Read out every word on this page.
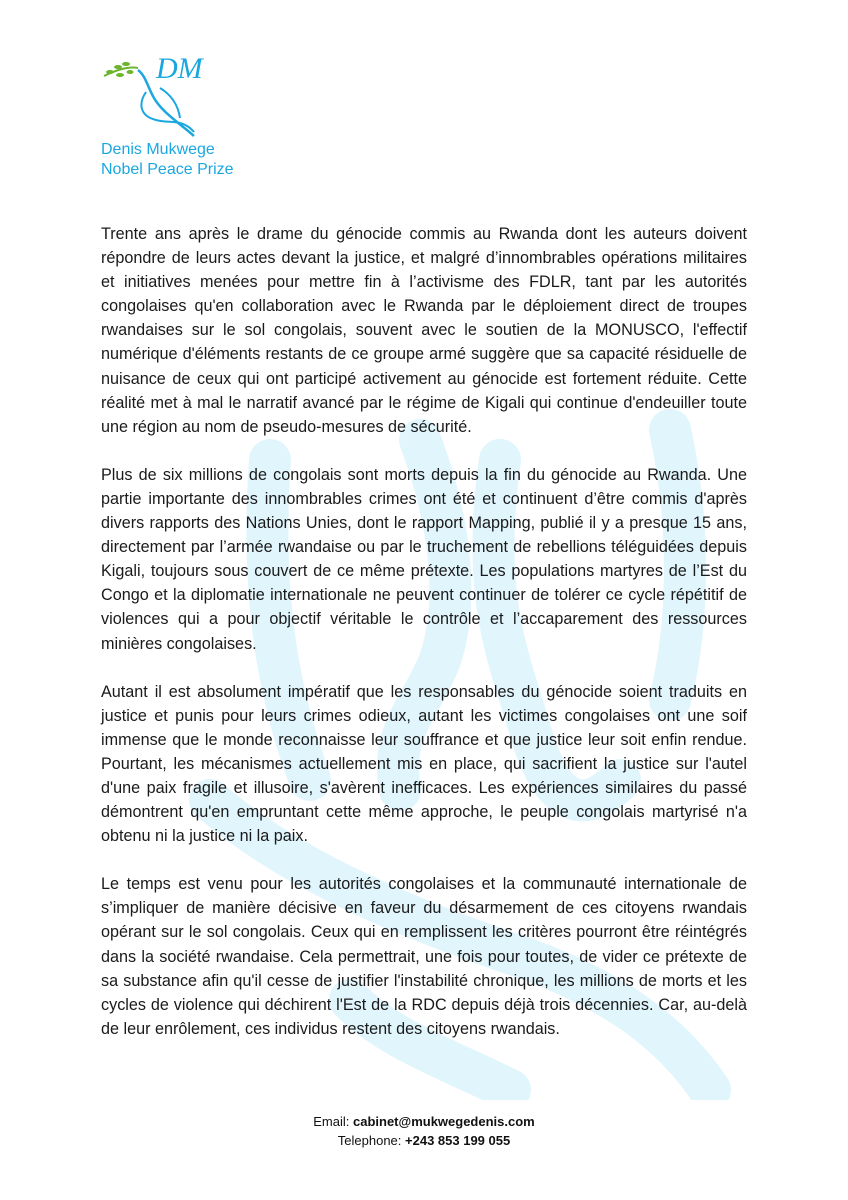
DM
Denis Mukwege
Nobel Peace Prize

Trente ans après le drame du génocide commis au Rwanda dont les auteurs doivent répondre de leurs actes devant la justice, et malgré d’innombrables opérations militaires et initiatives menées pour mettre fin à l’activisme des FDLR, tant par les autorités congolaises qu'en collaboration avec le Rwanda par le déploiement direct de troupes rwandaises sur le sol congolais, souvent avec le soutien de la MONUSCO, l'effectif numérique d'éléments restants de ce groupe armé suggère que sa capacité résiduelle de nuisance de ceux qui ont participé activement au génocide est fortement réduite. Cette réalité met à mal le narratif avancé par le régime de Kigali qui continue d'endeuiller toute une région au nom de pseudo-mesures de sécurité.

Plus de six millions de congolais sont morts depuis la fin du génocide au Rwanda. Une partie importante des innombrables crimes ont été et continuent d’être commis d'après divers rapports des Nations Unies, dont le rapport Mapping, publié il y a presque 15 ans, directement par l’armée rwandaise ou par le truchement de rebellions téléguidées depuis Kigali, toujours sous couvert de ce même prétexte. Les populations martyres de l’Est du Congo et la diplomatie internationale ne peuvent continuer de tolérer ce cycle répétitif de violences qui a pour objectif véritable le contrôle et l’accaparement des ressources minières congolaises.

Autant il est absolument impératif que les responsables du génocide soient traduits en justice et punis pour leurs crimes odieux, autant les victimes congolaises ont une soif immense que le monde reconnaisse leur souffrance et que justice leur soit enfin rendue. Pourtant, les mécanismes actuellement mis en place, qui sacrifient la justice sur l'autel d'une paix fragile et illusoire, s'avèrent inefficaces. Les expériences similaires du passé démontrent qu'en empruntant cette même approche, le peuple congolais martyrisé n'a obtenu ni la justice ni la paix.

Le temps est venu pour les autorités congolaises et la communauté internationale de s’impliquer de manière décisive en faveur du désarmement de ces citoyens rwandais opérant sur le sol congolais. Ceux qui en remplissent les critères pourront être réintégrés dans la société rwandaise. Cela permettrait, une fois pour toutes, de vider ce prétexte de sa substance afin qu'il cesse de justifier l'instabilité chronique, les millions de morts et les cycles de violence qui déchirent l'Est de la RDC depuis déjà trois décennies. Car, au-delà de leur enrôlement, ces individus restent des citoyens rwandais.

Email: cabinet@mukwegedenis.com
Telephone: +243 853 199 055
